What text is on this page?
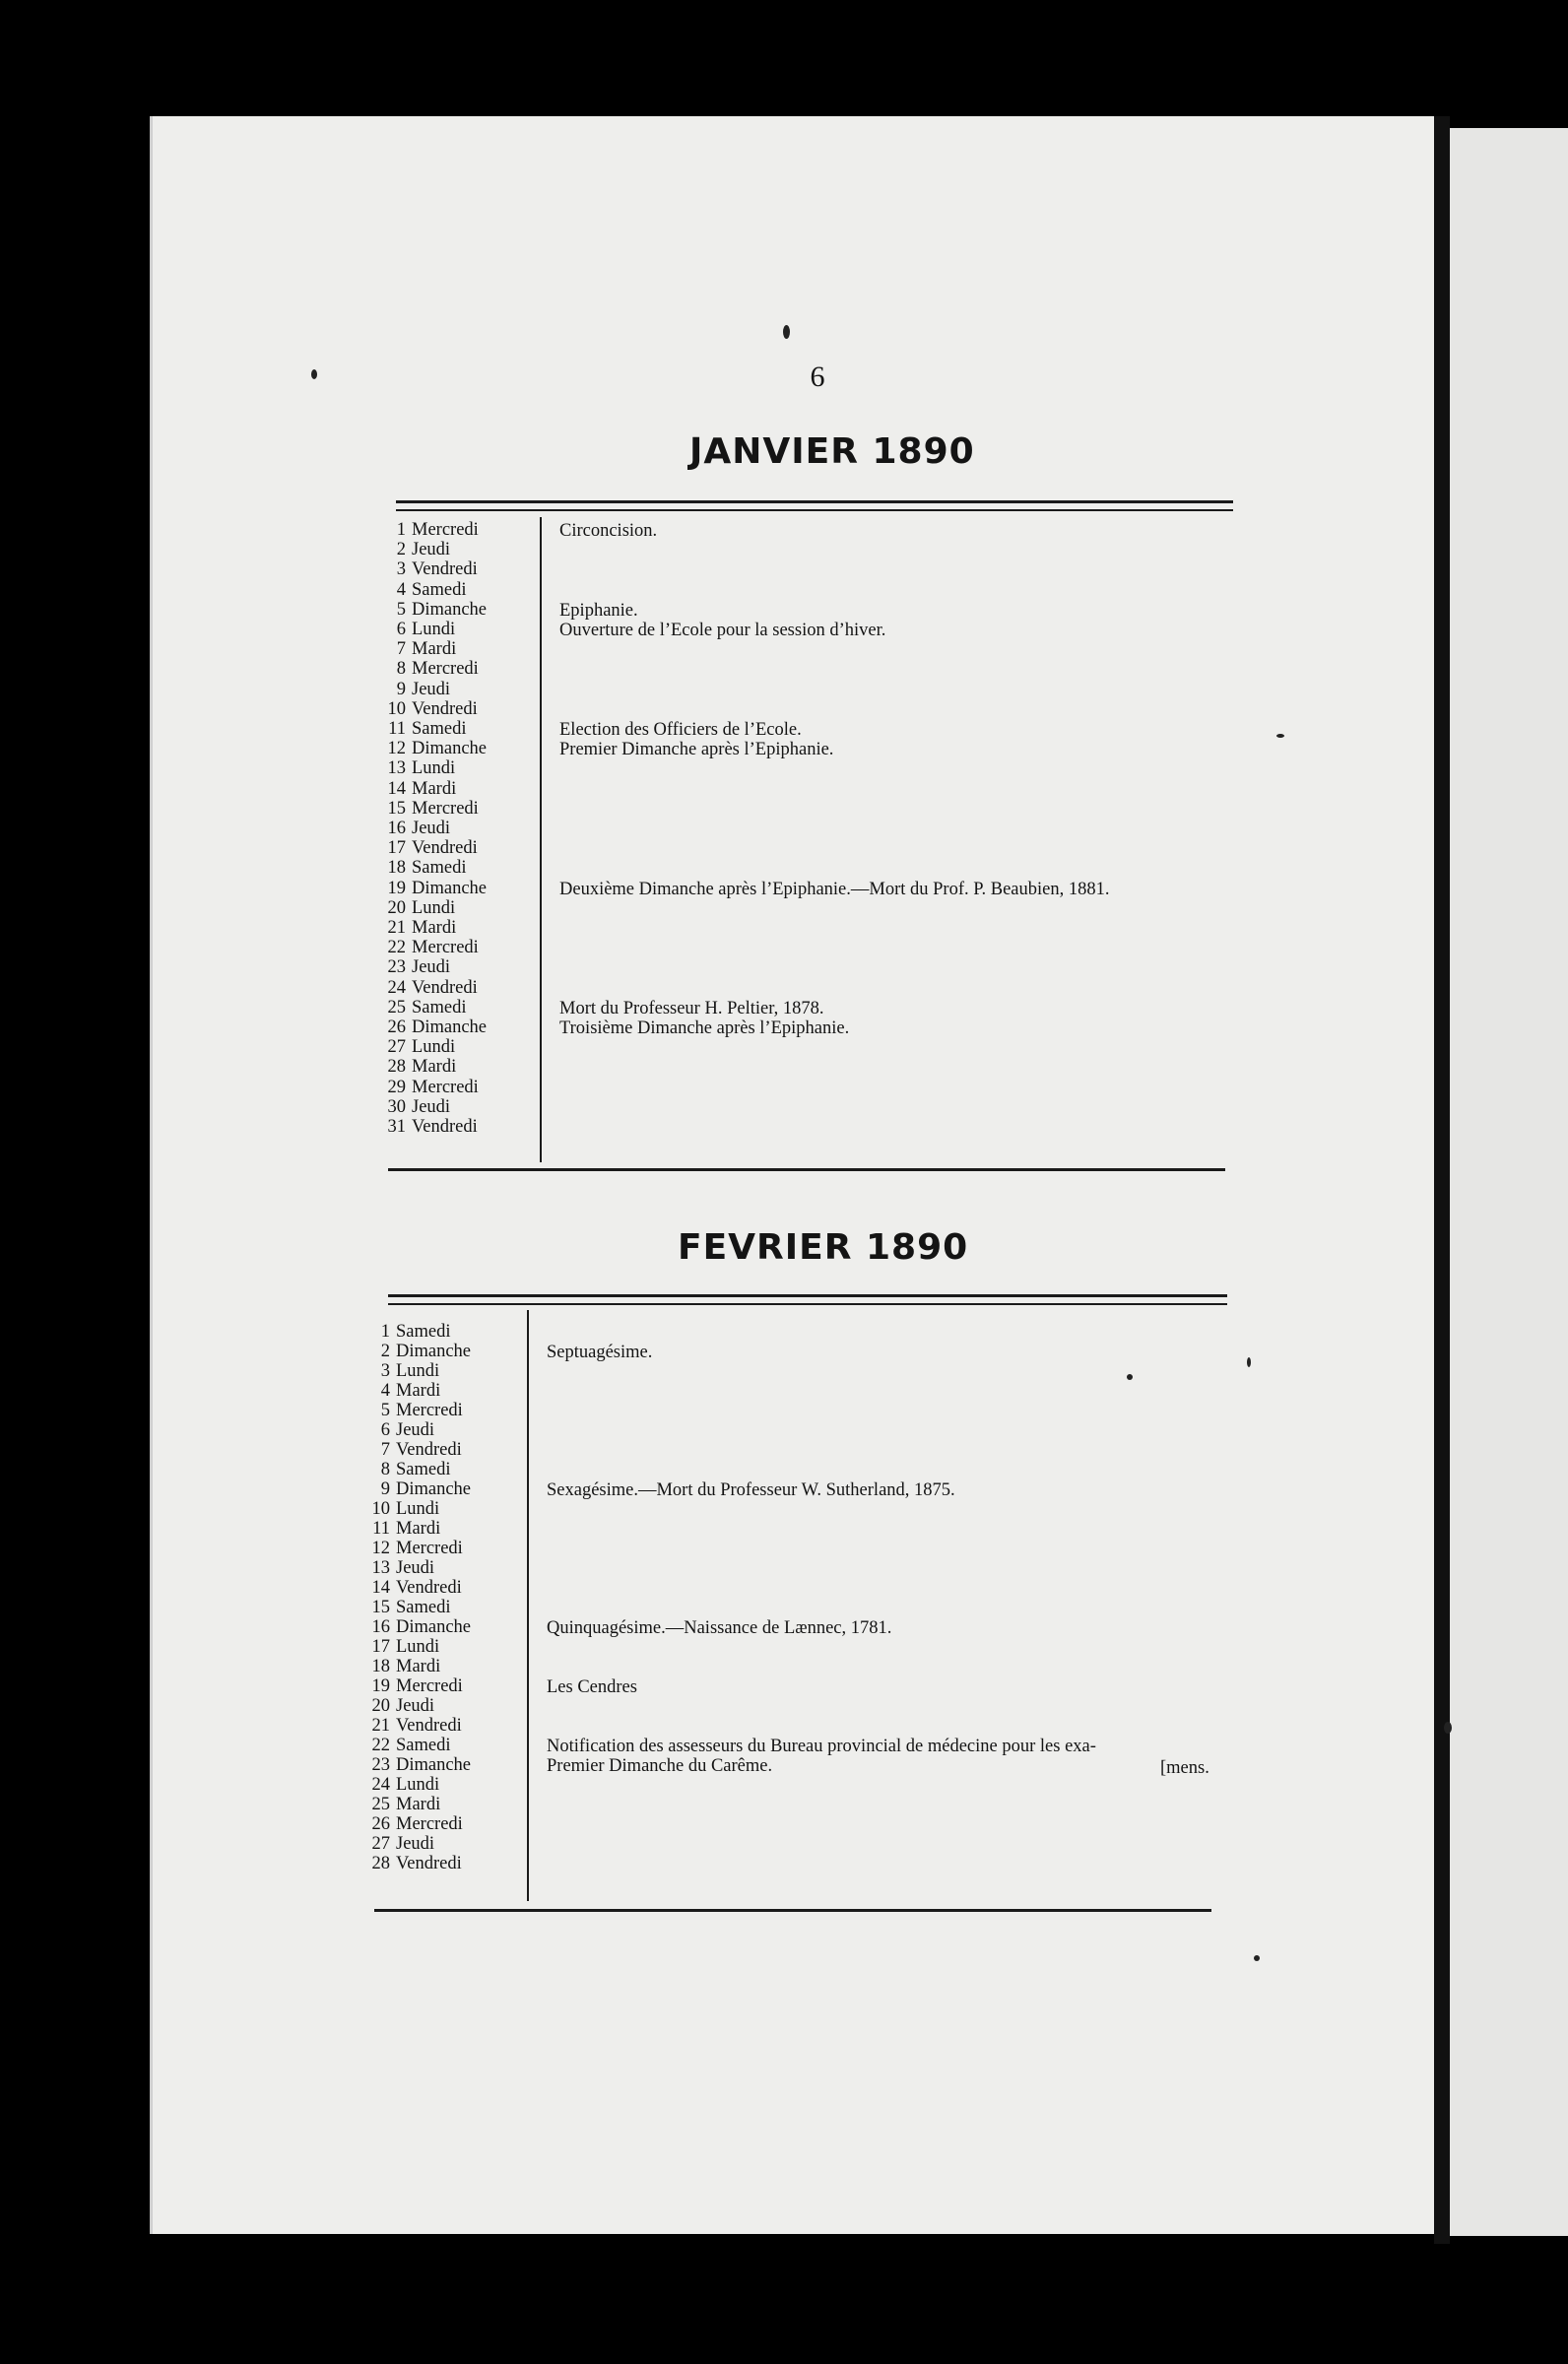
6
JANVIER 1890
1 Mercredi
2 Jeudi
3 Vendredi
4 Samedi
5 Dimanche
6 Lundi
7 Mardi
8 Mercredi
9 Jeudi
10 Vendredi
11 Samedi
12 Dimanche
13 Lundi
14 Mardi
15 Mercredi
16 Jeudi
17 Vendredi
18 Samedi
19 Dimanche
20 Lundi
21 Mardi
22 Mercredi
23 Jeudi
24 Vendredi
25 Samedi
26 Dimanche
27 Lundi
28 Mardi
29 Mercredi
30 Jeudi
31 Vendredi
Circoncision.
Epiphanie.
Ouverture de l’Ecole pour la session d’hiver.
Election des Officiers de l’Ecole.
Premier Dimanche après l’Epiphanie.
Deuxième Dimanche après l’Epiphanie.—Mort du Prof. P. Beaubien, 1881.
Mort du Professeur H. Peltier, 1878.
Troisième Dimanche après l’Epiphanie.
FEVRIER 1890
1 Samedi
2 Dimanche
3 Lundi
4 Mardi
5 Mercredi
6 Jeudi
7 Vendredi
8 Samedi
9 Dimanche
10 Lundi
11 Mardi
12 Mercredi
13 Jeudi
14 Vendredi
15 Samedi
16 Dimanche
17 Lundi
18 Mardi
19 Mercredi
20 Jeudi
21 Vendredi
22 Samedi
23 Dimanche
24 Lundi
25 Mardi
26 Mercredi
27 Jeudi
28 Vendredi
Septuagésime.
Sexagésime.—Mort du Professeur W. Sutherland, 1875.
Quinquagésime.—Naissance de Lænnec, 1781.
Les Cendres
Notification des assesseurs du Bureau provincial de médecine pour les exa-
Premier Dimanche du Carême.	[mens.
